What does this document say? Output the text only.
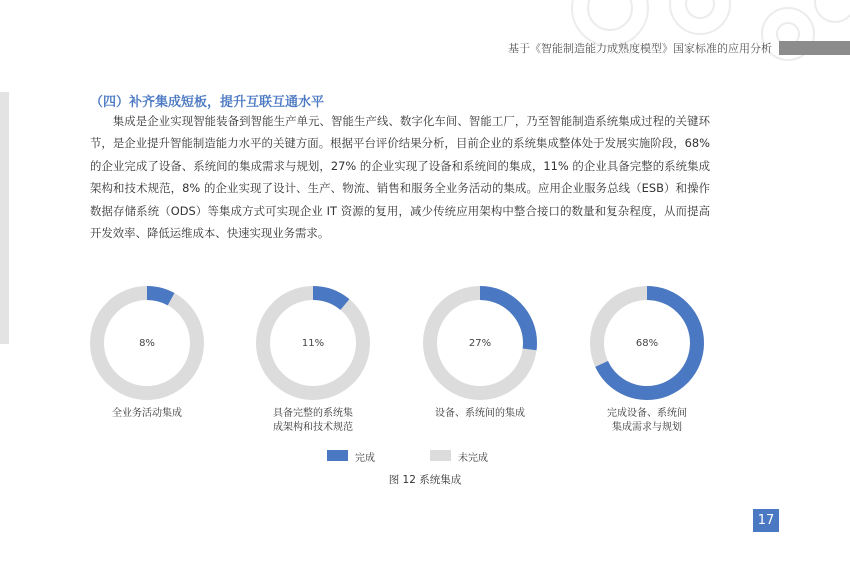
基于《智能制造能力成熟度模型》国家标准的应用分析
（四）补齐集成短板，提升互联互通水平

集成是企业实现智能装备到智能生产单元、智能生产线、数字化车间、智能工厂，乃至智能制造系统集成过程的关键环节，是企业提升智能制造能力水平的关键方面。根据平台评价结果分析，目前企业的系统集成整体处于发展实施阶段，68% 的企业完成了设备、系统间的集成需求与规划，27% 的企业实现了设备和系统间的集成，11% 的企业具备完整的系统集成架构和技术规范，8% 的企业实现了设计、生产、物流、销售和服务全业务活动的集成。应用企业服务总线（ESB）和操作数据存储系统（ODS）等集成方式可实现企业 IT 资源的复用，减少传统应用架构中整合接口的数量和复杂程度，从而提高开发效率、降低运维成本、快速实现业务需求。

8%	11%	27%	68%
全业务活动集成	具备完整的系统集
成架构和技术规范
设备、系统间的集成	完成设备、系统间
集成需求与规划
完成	未完成
图 12 系统集成
17
